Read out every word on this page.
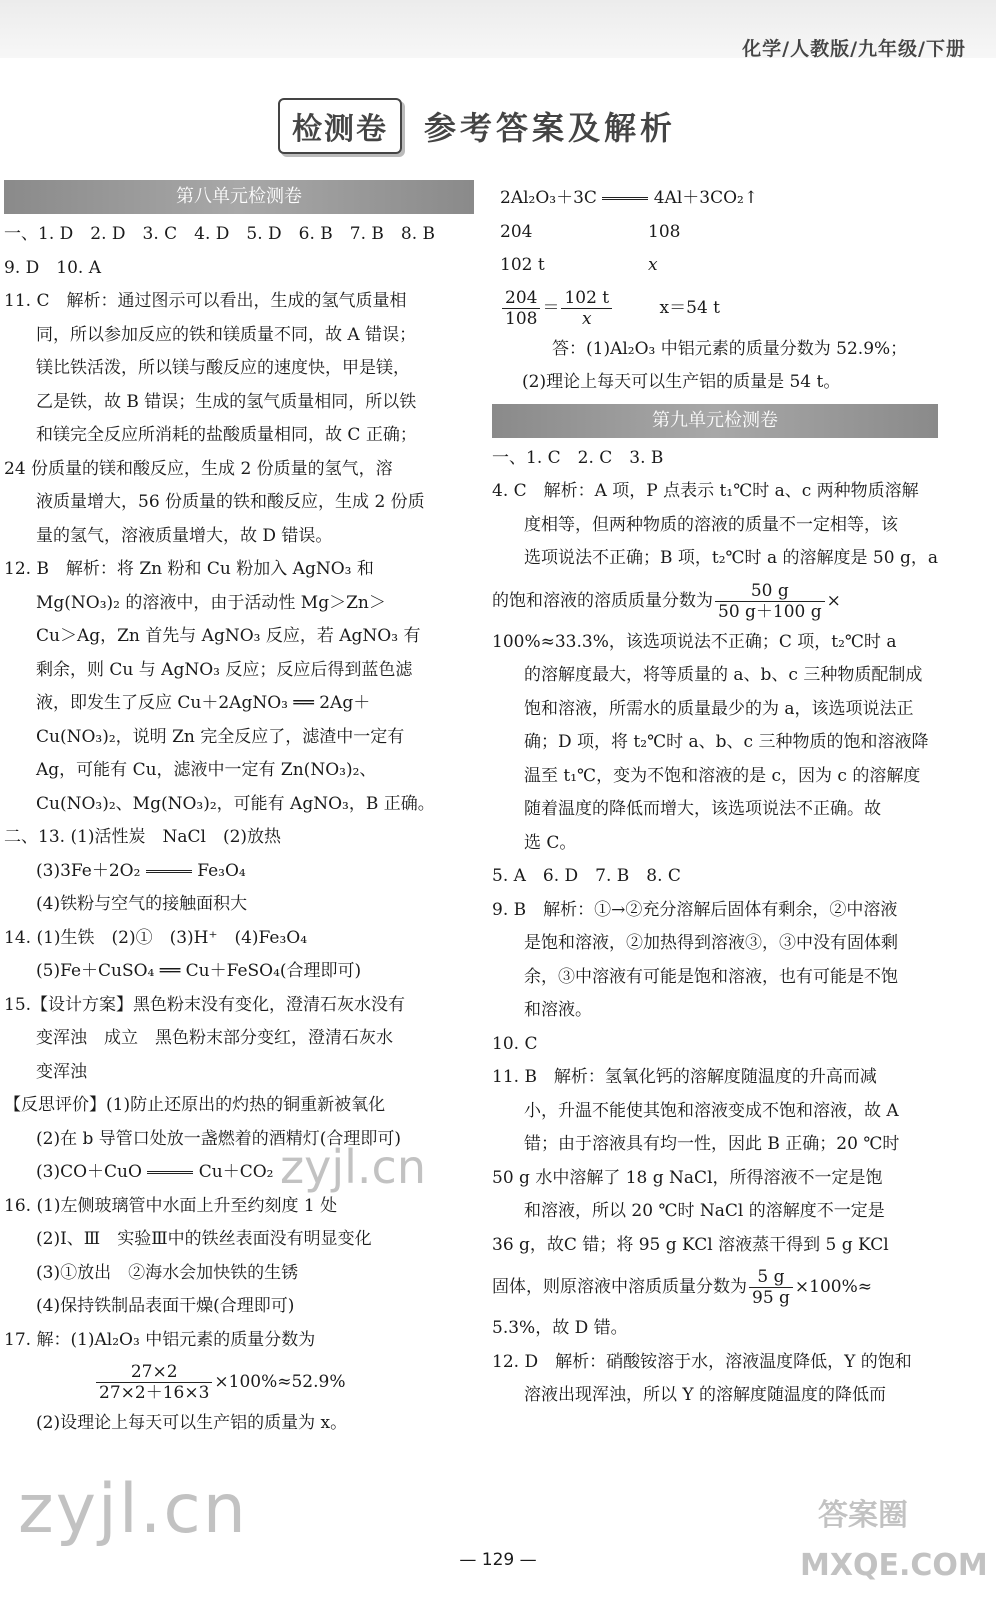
化学/人教版/九年级/下册
检测卷	参考答案及解析
第八单元检测卷
一、1. D　2. D　3. C　4. D　5. D　6. B　7. B　8. B
9. D　10. A
11. C　解析：通过图示可以看出，生成的氢气质量相
同，所以参加反应的铁和镁质量不同，故 A 错误；
镁比铁活泼，所以镁与酸反应的速度快，甲是镁，
乙是铁，故 B 错误；生成的氢气质量相同，所以铁
和镁完全反应所消耗的盐酸质量相同，故 C 正确；
24 份质量的镁和酸反应，生成 2 份质量的氢气，溶
液质量增大，56 份质量的铁和酸反应，生成 2 份质
量的氢气，溶液质量增大，故 D 错误。
12. B　解析：将 Zn 粉和 Cu 粉加入 AgNO₃ 和
Mg(NO₃)₂ 的溶液中，由于活动性 Mg＞Zn＞
Cu＞Ag，Zn 首先与 AgNO₃ 反应，若 AgNO₃ 有
剩余，则 Cu 与 AgNO₃ 反应；反应后得到蓝色滤
液，即发生了反应 Cu＋2AgNO₃ ══ 2Ag＋
Cu(NO₃)₂，说明 Zn 完全反应了，滤渣中一定有
Ag，可能有 Cu，滤液中一定有 Zn(NO₃)₂、
Cu(NO₃)₂、Mg(NO₃)₂，可能有 AgNO₃，B 正确。
二、13. (1)活性炭　NaCl　(2)放热
(3)3Fe＋2O₂	Fe₃O₄
(4)铁粉与空气的接触面积大
14. (1)生铁　(2)①　(3)H⁺　(4)Fe₃O₄
(5)Fe＋CuSO₄ ══ Cu＋FeSO₄(合理即可)
15.【设计方案】黑色粉末没有变化，澄清石灰水没有
变浑浊　成立　黑色粉末部分变红，澄清石灰水
变浑浊
【反思评价】(1)防止还原出的灼热的铜重新被氧化
(2)在 b 导管口处放一盏燃着的酒精灯(合理即可)
(3)CO＋CuO	Cu＋CO₂
16. (1)左侧玻璃管中水面上升至约刻度 1 处
(2)Ⅰ、Ⅲ　实验Ⅲ中的铁丝表面没有明显变化
(3)①放出　②海水会加快铁的生锈
(4)保持铁制品表面干燥(合理即可)
17. 解：(1)Al₂O₃ 中铝元素的质量分数为
$\frac{27\times 2}{27\times 2+16\times 3} \times 100\%\approx 52.9\%$
(2)设理论上每天可以生产铝的质量为 x。
2Al₂O₃＋3C	4Al＋3CO₂↑
204	108
102 t	x
$\frac{204}{108} = \frac{102 t}{x}$	x＝54 t
答：(1)Al₂O₃ 中铝元素的质量分数为 52.9%；
(2)理论上每天可以生产铝的质量是 54 t。
第九单元检测卷
一、1. C　2. C　3. B
4. C　解析：A 项，P 点表示 t₁℃时 a、c 两种物质溶解
度相等，但两种物质的溶液的质量不一定相等，该
选项说法不正确；B 项，t₂℃时 a 的溶解度是 50 g，a
的饱和溶液的溶质质量分数为 $\frac{50 g}{50 g+100 g}$ ×
100%≈33.3%，该选项说法不正确；C 项，t₂℃时 a
的溶解度最大，将等质量的 a、b、c 三种物质配制成
饱和溶液，所需水的质量最少的为 a，该选项说法正
确；D 项，将 t₂℃时 a、b、c 三种物质的饱和溶液降
温至 t₁℃，变为不饱和溶液的是 c，因为 c 的溶解度
随着温度的降低而增大，该选项说法不正确。故
选 C。
5. A　6. D　7. B　8. C
9. B　解析：①→②充分溶解后固体有剩余，②中溶液
是饱和溶液，②加热得到溶液③，③中没有固体剩
余，③中溶液有可能是饱和溶液，也有可能是不饱
和溶液。
10. C
11. B　解析：氢氧化钙的溶解度随温度的升高而减
小，升温不能使其饱和溶液变成不饱和溶液，故 A
错；由于溶液具有均一性，因此 B 正确；20 ℃时
50 g 水中溶解了 18 g NaCl，所得溶液不一定是饱
和溶液，所以 20 ℃时 NaCl 的溶解度不一定是
36 g，故C 错；将 95 g KCl 溶液蒸干得到 5 g KCl
固体，则原溶液中溶质质量分数为 $\frac{5 g}{95 g} \times 100\%\approx$
5.3%，故 D 错。
12. D　解析：硝酸铵溶于水，溶液温度降低，Y 的饱和
溶液出现浑浊，所以 Y 的溶解度随温度的降低而
zyjl.cn
zyjl.cn
答案圈
MXQE.COM
— 129 —
